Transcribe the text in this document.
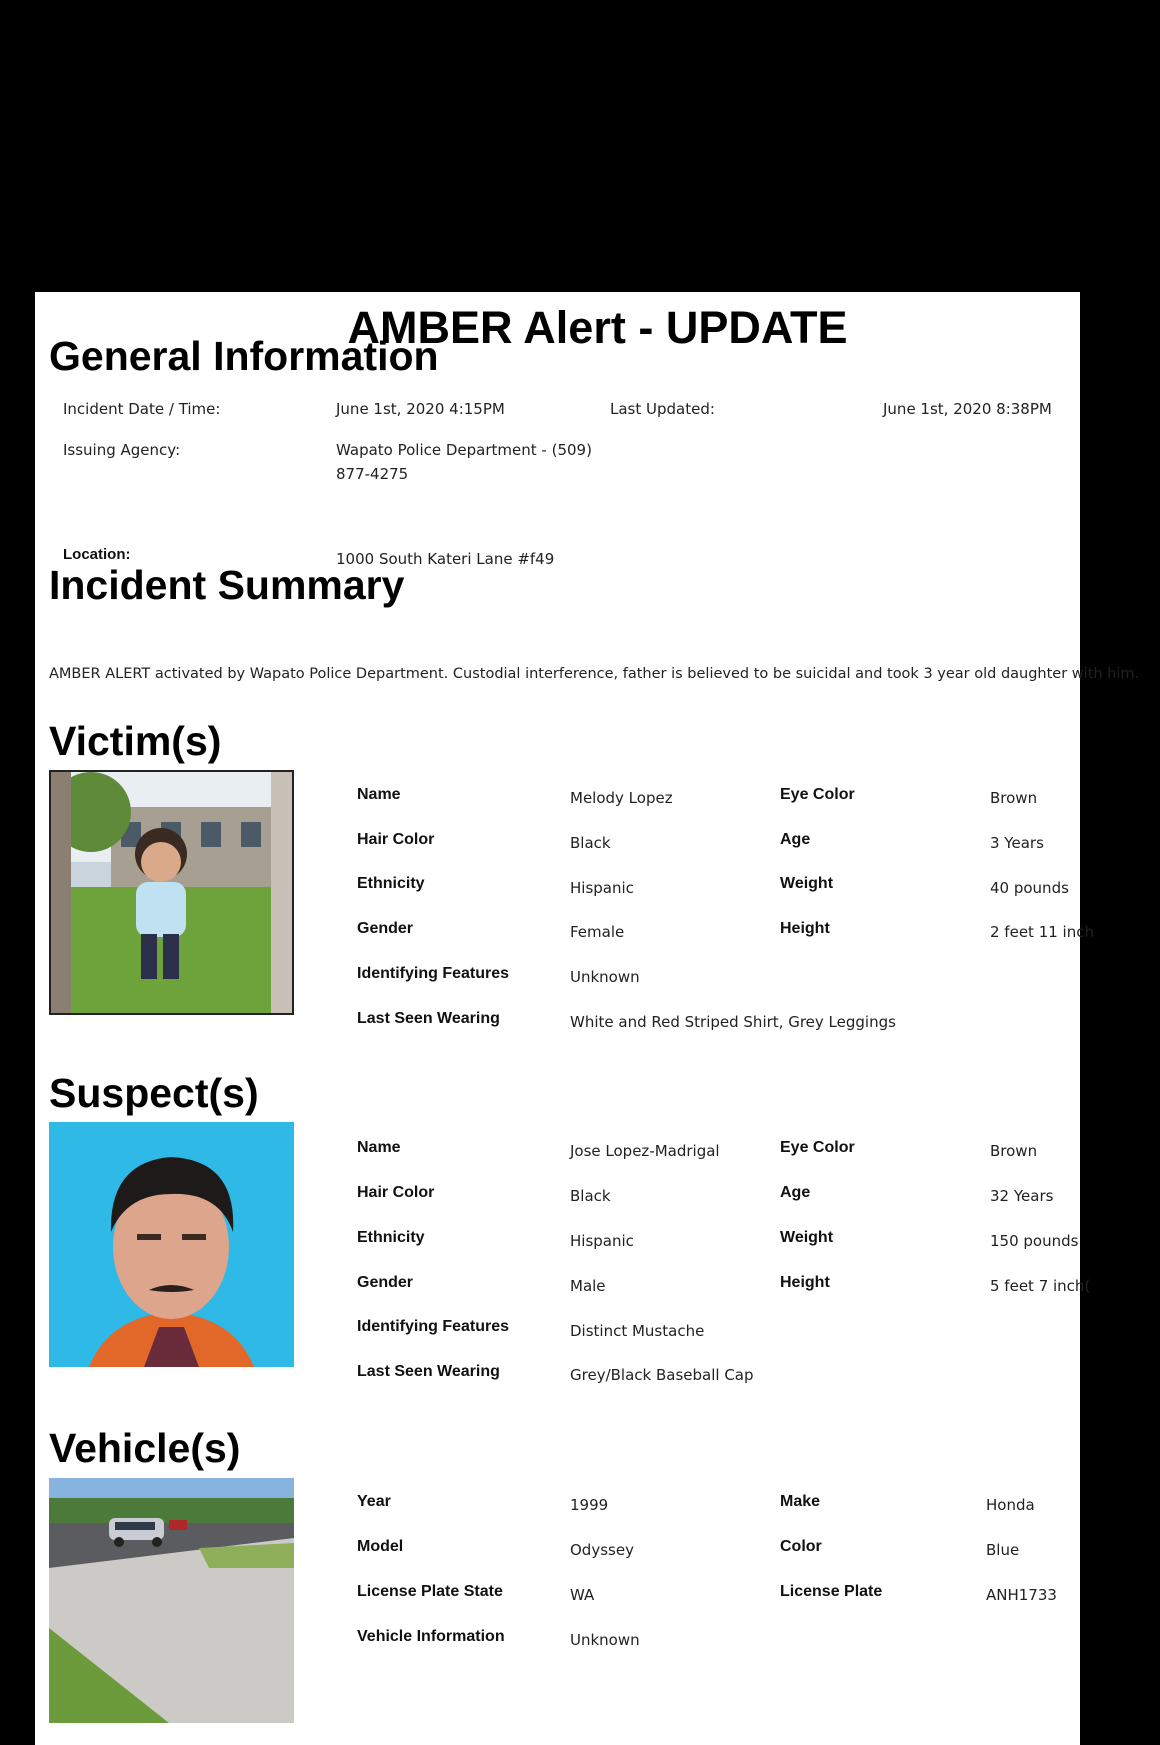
AMBER Alert - UPDATE
General Information
Incident Date / Time:	June 1st, 2020 4:15PM	Last Updated:	June 1st, 2020 8:38PM
Issuing Agency:	Wapato Police Department - (509)
877-4275
Location:	1000 South Kateri Lane #f49
Incident Summary
AMBER ALERT activated by Wapato Police Department. Custodial interference, father is believed to be suicidal and took 3 year old daughter with him.
Victim(s)
Name	Melody Lopez	Eye Color	Brown
Hair Color	Black	Age	3 Years
Ethnicity	Hispanic	Weight	40 pounds
Gender	Female	Height	2 feet 11 inch
Identifying Features	Unknown
Last Seen Wearing	White and Red Striped Shirt, Grey Leggings
Suspect(s)
Name	Jose Lopez-Madrigal	Eye Color	Brown
Hair Color	Black	Age	32 Years
Ethnicity	Hispanic	Weight	150 pounds
Gender	Male	Height	5 feet 7 inch(
Identifying Features	Distinct Mustache
Last Seen Wearing	Grey/Black Baseball Cap
Vehicle(s)
Year	1999	Make	Honda
Model	Odyssey	Color	Blue
License Plate State	WA	License Plate	ANH1733
Vehicle Information	Unknown
